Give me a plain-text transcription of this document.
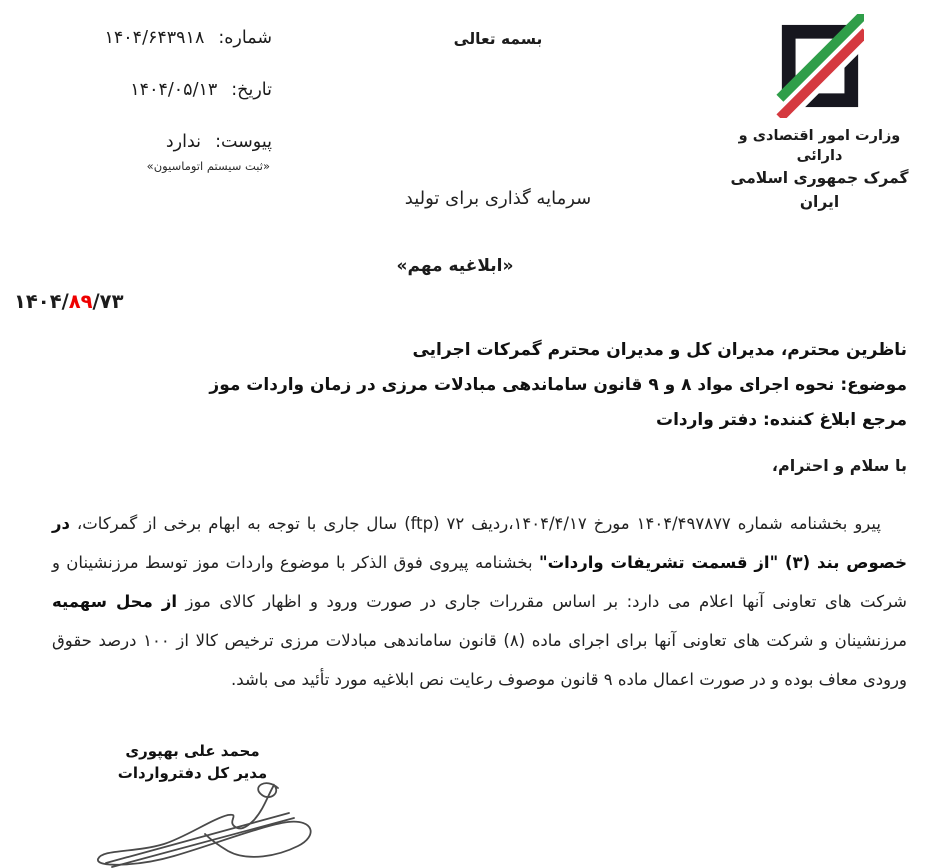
شماره:
۱۴۰۴/۶۴۳۹۱۸
تاریخ:
۱۴۰۴/۰۵/۱۳
پیوست:
ندارد
«ثبت سیستم اتوماسیون»
بسمه تعالی
وزارت امور اقتصادی و دارائی
گمرک جمهوری اسلامی ایران
سرمایه گذاری برای تولید
«ابلاغیه مهم»
۱۴۰۴/۸۹/۷۳
ناظرین محترم، مدیران کل و مدیران محترم گمرکات اجرایی
موضوع: نحوه اجرای مواد ۸ و ۹ قانون ساماندهی مبادلات مرزی در زمان واردات موز
مرجع ابلاغ کننده: دفتر واردات
با سلام و احترام،

پیرو بخشنامه شماره ۱۴۰۴/۴۹۷۸۷۷ مورخ ۱۴۰۴/۴/۱۷،ردیف ۷۲ (ftp) سال جاری با توجه به ابهام برخی از گمرکات، در خصوص بند (۳) "از قسمت تشریفات واردات" بخشنامه پیروی فوق الذکر با موضوع واردات موز توسط مرزنشینان و شرکت های تعاونی آنها اعلام می دارد: بر اساس مقررات جاری در صورت ورود و اظهار کالای موز از محل سهمیه مرزنشینان و شرکت های تعاونی آنها برای اجرای ماده (۸) قانون ساماندهی مبادلات مرزی ترخیص کالا از ۱۰۰ درصد حقوق ورودی معاف بوده و در صورت اعمال ماده ۹ قانون موصوف رعایت نص ابلاغیه مورد تأئید می باشد.

محمد علی بهپوری
مدیر کل دفترواردات
